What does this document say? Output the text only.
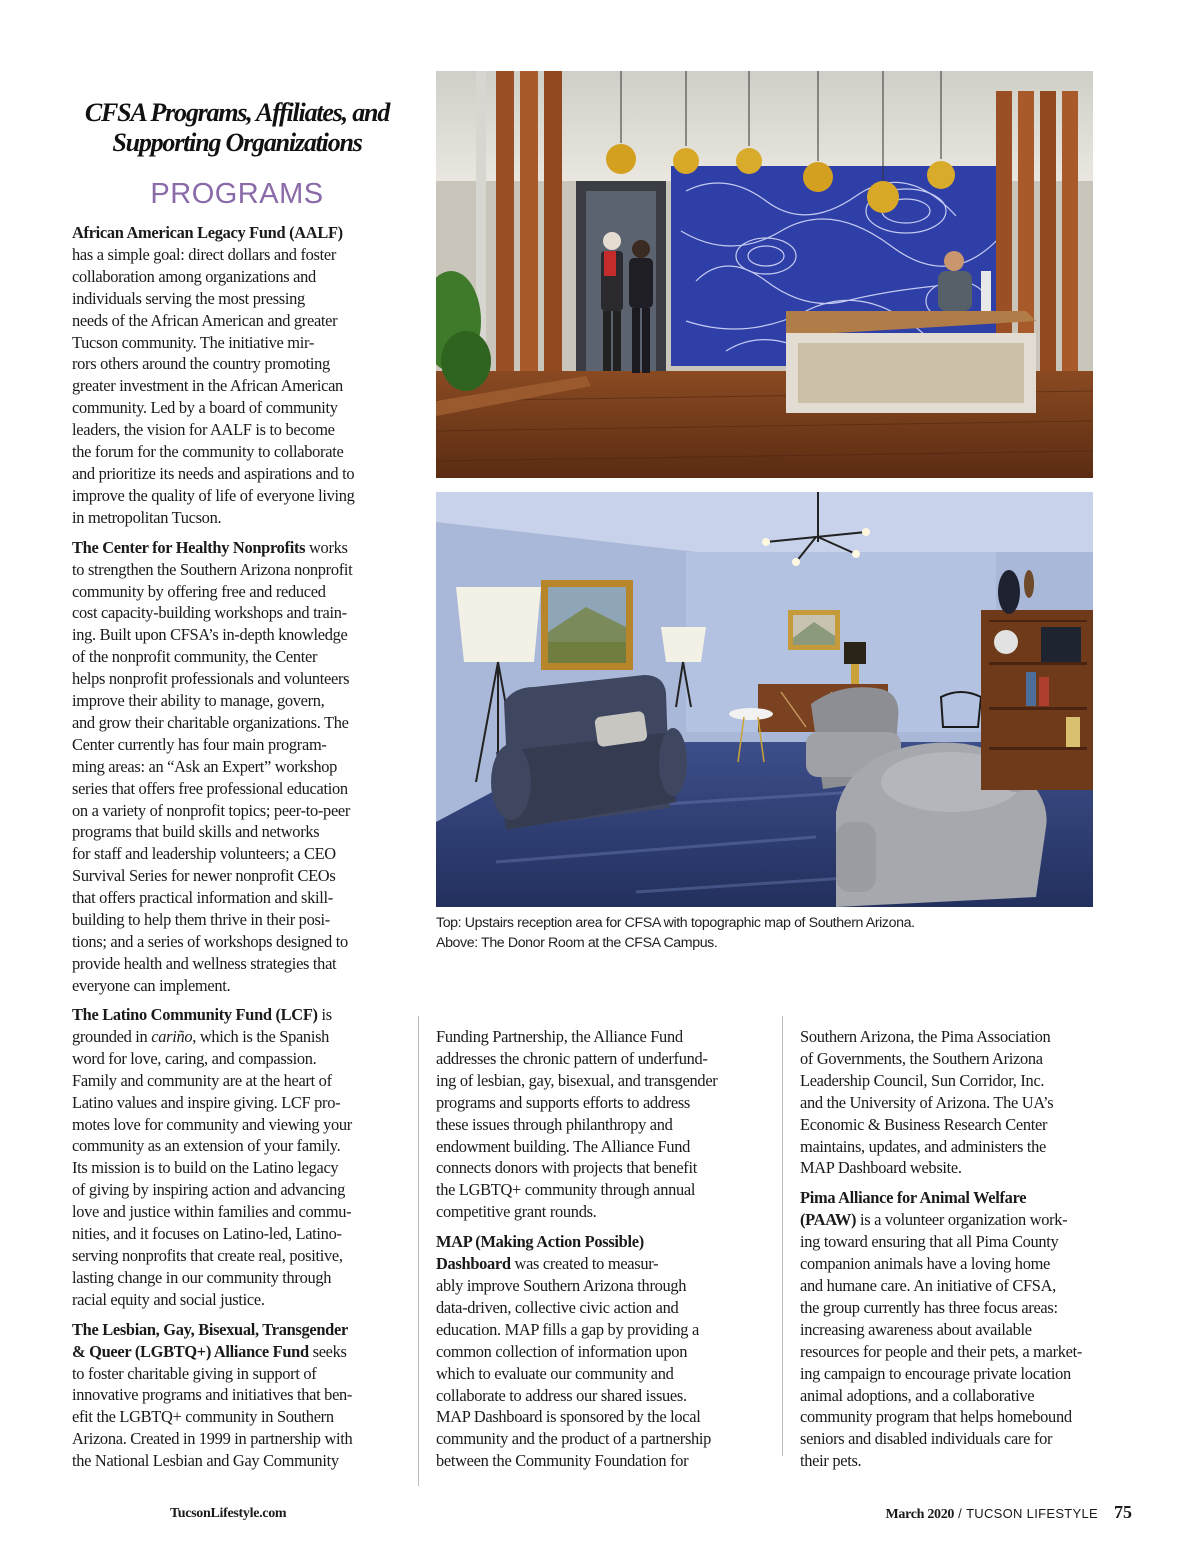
CFSA Programs, Affiliates, and
Supporting Organizations
PROGRAMS

African American Legacy Fund (AALF)
has a simple goal: direct dollars and foster
collaboration among organizations and
individuals serving the most pressing
needs of the African American and greater
Tucson community. The initiative mir-
rors others around the country promoting
greater investment in the African American
community. Led by a board of community
leaders, the vision for AALF is to become
the forum for the community to collaborate
and prioritize its needs and aspirations and to
improve the quality of life of everyone living
in metropolitan Tucson.

The Center for Healthy Nonprofits works
to strengthen the Southern Arizona nonprofit
community by offering free and reduced
cost capacity-building workshops and train-
ing. Built upon CFSA’s in-depth knowledge
of the nonprofit community, the Center
helps nonprofit professionals and volunteers
improve their ability to manage, govern,
and grow their charitable organizations. The
Center currently has four main program-
ming areas: an “Ask an Expert” workshop
series that offers free professional education
on a variety of nonprofit topics; peer-to-peer
programs that build skills and networks
for staff and leadership volunteers; a CEO
Survival Series for newer nonprofit CEOs
that offers practical information and skill-
building to help them thrive in their posi-
tions; and a series of workshops designed to
provide health and wellness strategies that
everyone can implement.

The Latino Community Fund (LCF) is
grounded in cariño, which is the Spanish
word for love, caring, and compassion.
Family and community are at the heart of
Latino values and inspire giving. LCF pro-
motes love for community and viewing your
community as an extension of your family.
Its mission is to build on the Latino legacy
of giving by inspiring action and advancing
love and justice within families and commu-
nities, and it focuses on Latino-led, Latino-
serving nonprofits that create real, positive,
lasting change in our community through
racial equity and social justice.

The Lesbian, Gay, Bisexual, Transgender
& Queer (LGBTQ+) Alliance Fund seeks
to foster charitable giving in support of
innovative programs and initiatives that ben-
efit the LGBTQ+ community in Southern
Arizona. Created in 1999 in partnership with
the National Lesbian and Gay Community

Funding Partnership, the Alliance Fund
addresses the chronic pattern of underfund-
ing of lesbian, gay, bisexual, and transgender
programs and supports efforts to address
these issues through philanthropy and
endowment building. The Alliance Fund
connects donors with projects that benefit
the LGBTQ+ community through annual
competitive grant rounds.

MAP (Making Action Possible)
Dashboard was created to measur-
ably improve Southern Arizona through
data-driven, collective civic action and
education. MAP fills a gap by providing a
common collection of information upon
which to evaluate our community and
collaborate to address our shared issues.
MAP Dashboard is sponsored by the local
community and the product of a partnership
between the Community Foundation for

Southern Arizona, the Pima Association
of Governments, the Southern Arizona
Leadership Council, Sun Corridor, Inc.
and the University of Arizona. The UA’s
Economic & Business Research Center
maintains, updates, and administers the
MAP Dashboard website.

Pima Alliance for Animal Welfare
(PAAW) is a volunteer organization work-
ing toward ensuring that all Pima County
companion animals have a loving home
and humane care. An initiative of CFSA,
the group currently has three focus areas:
increasing awareness about available
resources for people and their pets, a market-
ing campaign to encourage private location
animal adoptions, and a collaborative
community program that helps homebound
seniors and disabled individuals care for
their pets.

Top: Upstairs reception area for CFSA with topographic map of Southern Arizona.
Above: The Donor Room at the CFSA Campus.
TucsonLifestyle.com	March 2020 / TUCSON LIFESTYLE 75
